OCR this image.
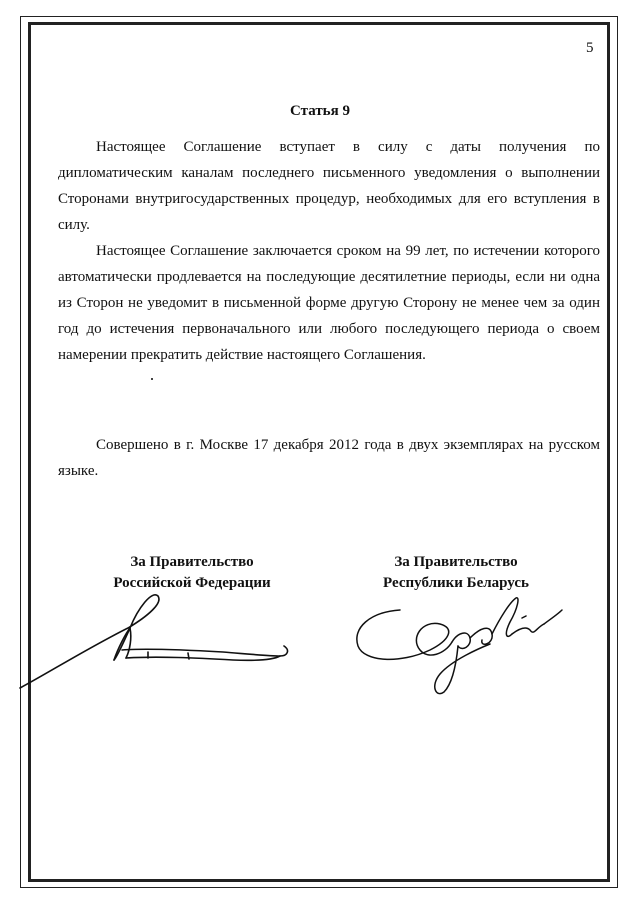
5
Статья 9
Настоящее Соглашение вступает в силу с даты получения по дипломатическим каналам последнего письменного уведомления о выполнении Сторонами внутригосударственных процедур, необходимых для его вступления в силу.
Настоящее Соглашение заключается сроком на 99 лет, по истечении которого автоматически продлевается на последующие десятилетние периоды, если ни одна из Сторон не уведомит в письменной форме другую Сторону не менее чем за один год до истечения первоначального или любого последующего периода о своем намерении прекратить действие настоящего Соглашения.
Совершено в г. Москве 17 декабря 2012 года в двух экземплярах на русском языке.
За Правительство
Российской Федерации
За Правительство
Республики Беларусь
